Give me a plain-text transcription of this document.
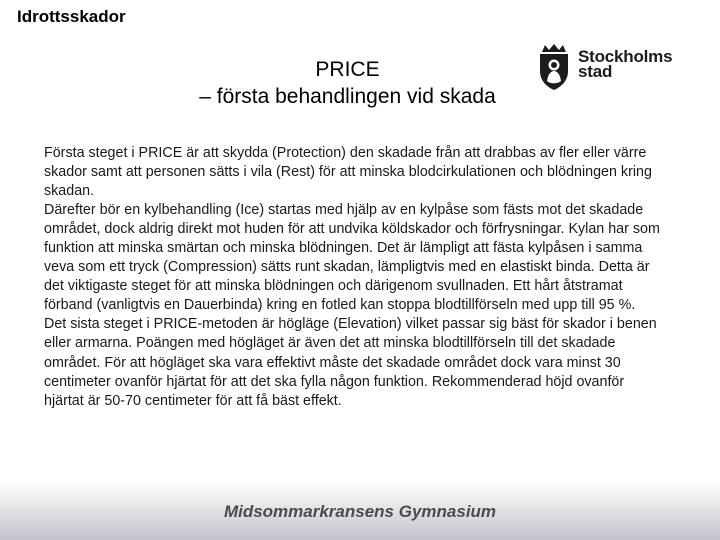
Idrottsskador
PRICE
– första behandlingen vid skada
Stockholms
stad

Första steget i PRICE är att skydda (Protection) den skadade från att drabbas av fler eller värre skador samt att personen sätts i vila (Rest) för att minska blodcirkulationen och blödningen kring skadan.

Därefter bör en kylbehandling (Ice) startas med hjälp av en kylpåse som fästs mot det skadade området, dock aldrig direkt mot huden för att undvika köldskador och förfrysningar. Kylan har som funktion att minska smärtan och minska blödningen. Det är lämpligt att fästa kylpåsen i samma veva som ett tryck (Compression) sätts runt skadan, lämpligtvis med en elastiskt binda. Detta är det viktigaste steget för att minska blödningen och därigenom svullnaden. Ett hårt åtstramat förband (vanligtvis en Dauerbinda) kring en fotled kan stoppa blodtillförseln med upp till 95 %.

Det sista steget i PRICE-metoden är högläge (Elevation) vilket passar sig bäst för skador i benen eller armarna. Poängen med högläget är även det att minska blodtillförseln till det skadade området. För att högläget ska vara effektivt måste det skadade området dock vara minst 30 centimeter ovanför hjärtat för att det ska fylla någon funktion. Rekommenderad höjd ovanför hjärtat är 50-70 centimeter för att få bäst effekt.

Midsommarkransens Gymnasium
